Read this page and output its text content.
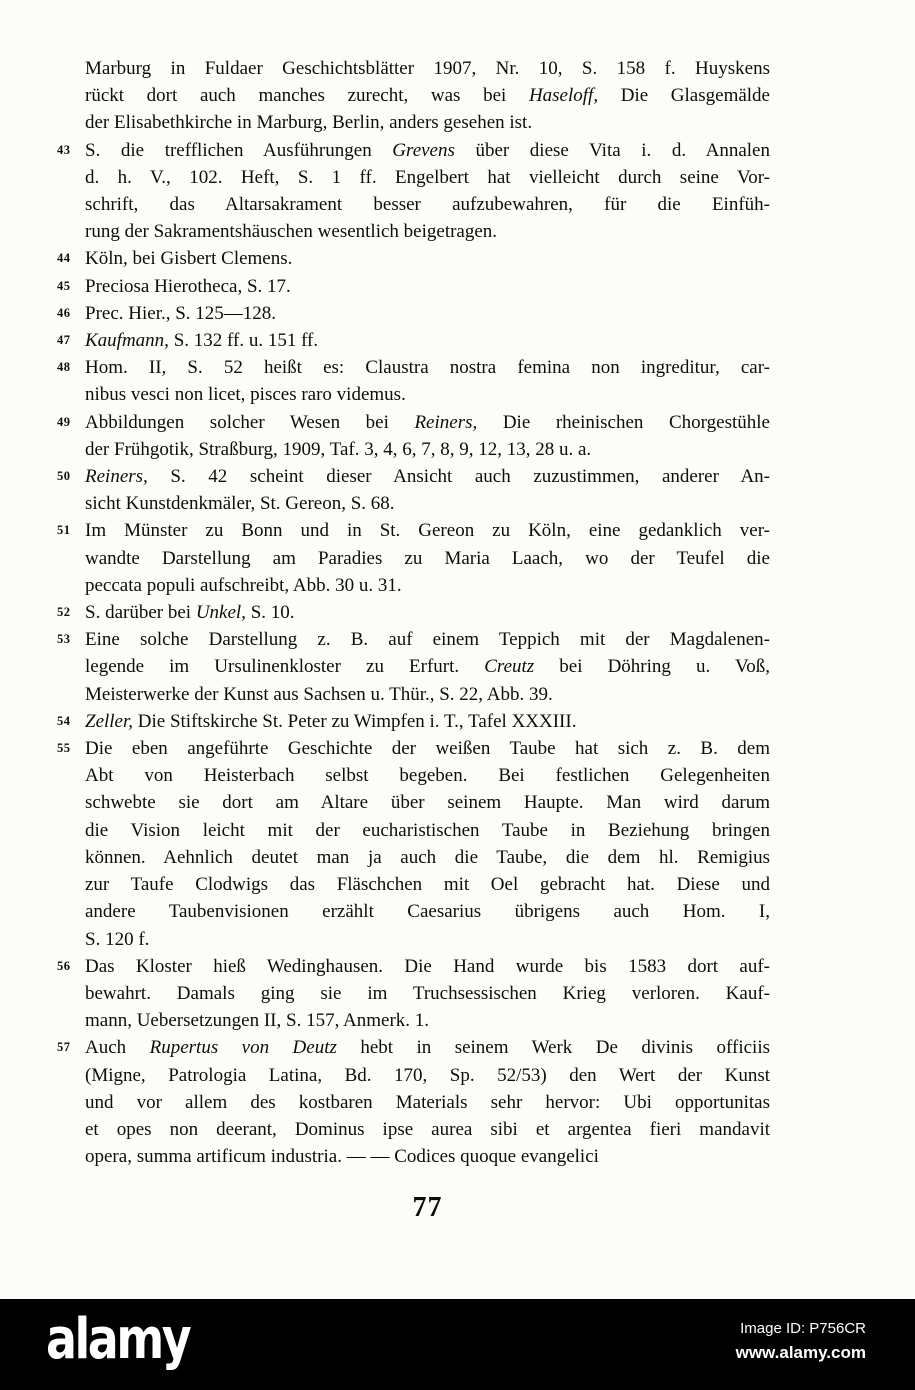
Marburg in Fuldaer Geschichtsblätter 1907, Nr. 10, S. 158 f. Huyskens
rückt dort auch manches zurecht, was bei Haseloff, Die Glasgemälde
der Elisabethkirche in Marburg, Berlin, anders gesehen ist.
43 S. die trefflichen Ausführungen Grevens über diese Vita i. d. Annalen
d. h. V., 102. Heft, S. 1 ff. Engelbert hat vielleicht durch seine Vor-
schrift, das Altarsakrament besser aufzubewahren, für die Einfüh-
rung der Sakramentshäuschen wesentlich beigetragen.
44 Köln, bei Gisbert Clemens.
45 Preciosa Hierotheca, S. 17.
46 Prec. Hier., S. 125—128.
47 Kaufmann, S. 132 ff. u. 151 ff.
48 Hom. II, S. 52 heißt es: Claustra nostra femina non ingreditur, car-
nibus vesci non licet, pisces raro videmus.
49 Abbildungen solcher Wesen bei Reiners, Die rheinischen Chorgestühle
der Frühgotik, Straßburg, 1909, Taf. 3, 4, 6, 7, 8, 9, 12, 13, 28 u. a.
50 Reiners, S. 42 scheint dieser Ansicht auch zuzustimmen, anderer An-
sicht Kunstdenkmäler, St. Gereon, S. 68.
51 Im Münster zu Bonn und in St. Gereon zu Köln, eine gedanklich ver-
wandte Darstellung am Paradies zu Maria Laach, wo der Teufel die
peccata populi aufschreibt, Abb. 30 u. 31.
52 S. darüber bei Unkel, S. 10.
53 Eine solche Darstellung z. B. auf einem Teppich mit der Magdalenen-
legende im Ursulinenkloster zu Erfurt. Creutz bei Döhring u. Voß,
Meisterwerke der Kunst aus Sachsen u. Thür., S. 22, Abb. 39.
54 Zeller, Die Stiftskirche St. Peter zu Wimpfen i. T., Tafel XXXIII.
55 Die eben angeführte Geschichte der weißen Taube hat sich z. B. dem
Abt von Heisterbach selbst begeben. Bei festlichen Gelegenheiten
schwebte sie dort am Altare über seinem Haupte. Man wird darum
die Vision leicht mit der eucharistischen Taube in Beziehung bringen
können. Aehnlich deutet man ja auch die Taube, die dem hl. Remigius
zur Taufe Clodwigs das Fläschchen mit Oel gebracht hat. Diese und
andere Taubenvisionen erzählt Caesarius übrigens auch Hom. I,
S. 120 f.
56 Das Kloster hieß Wedinghausen. Die Hand wurde bis 1583 dort auf-
bewahrt. Damals ging sie im Truchsessischen Krieg verloren. Kauf-
mann, Uebersetzungen II, S. 157, Anmerk. 1.
57 Auch Rupertus von Deutz hebt in seinem Werk De divinis officiis
(Migne, Patrologia Latina, Bd. 170, Sp. 52/53) den Wert der Kunst
und vor allem des kostbaren Materials sehr hervor: Ubi opportunitas
et opes non deerant, Dominus ipse aurea sibi et argentea fieri mandavit
opera, summa artificum industria. — — Codices quoque evangelici
77
alamy	Image ID: P756CR
www.alamy.com
